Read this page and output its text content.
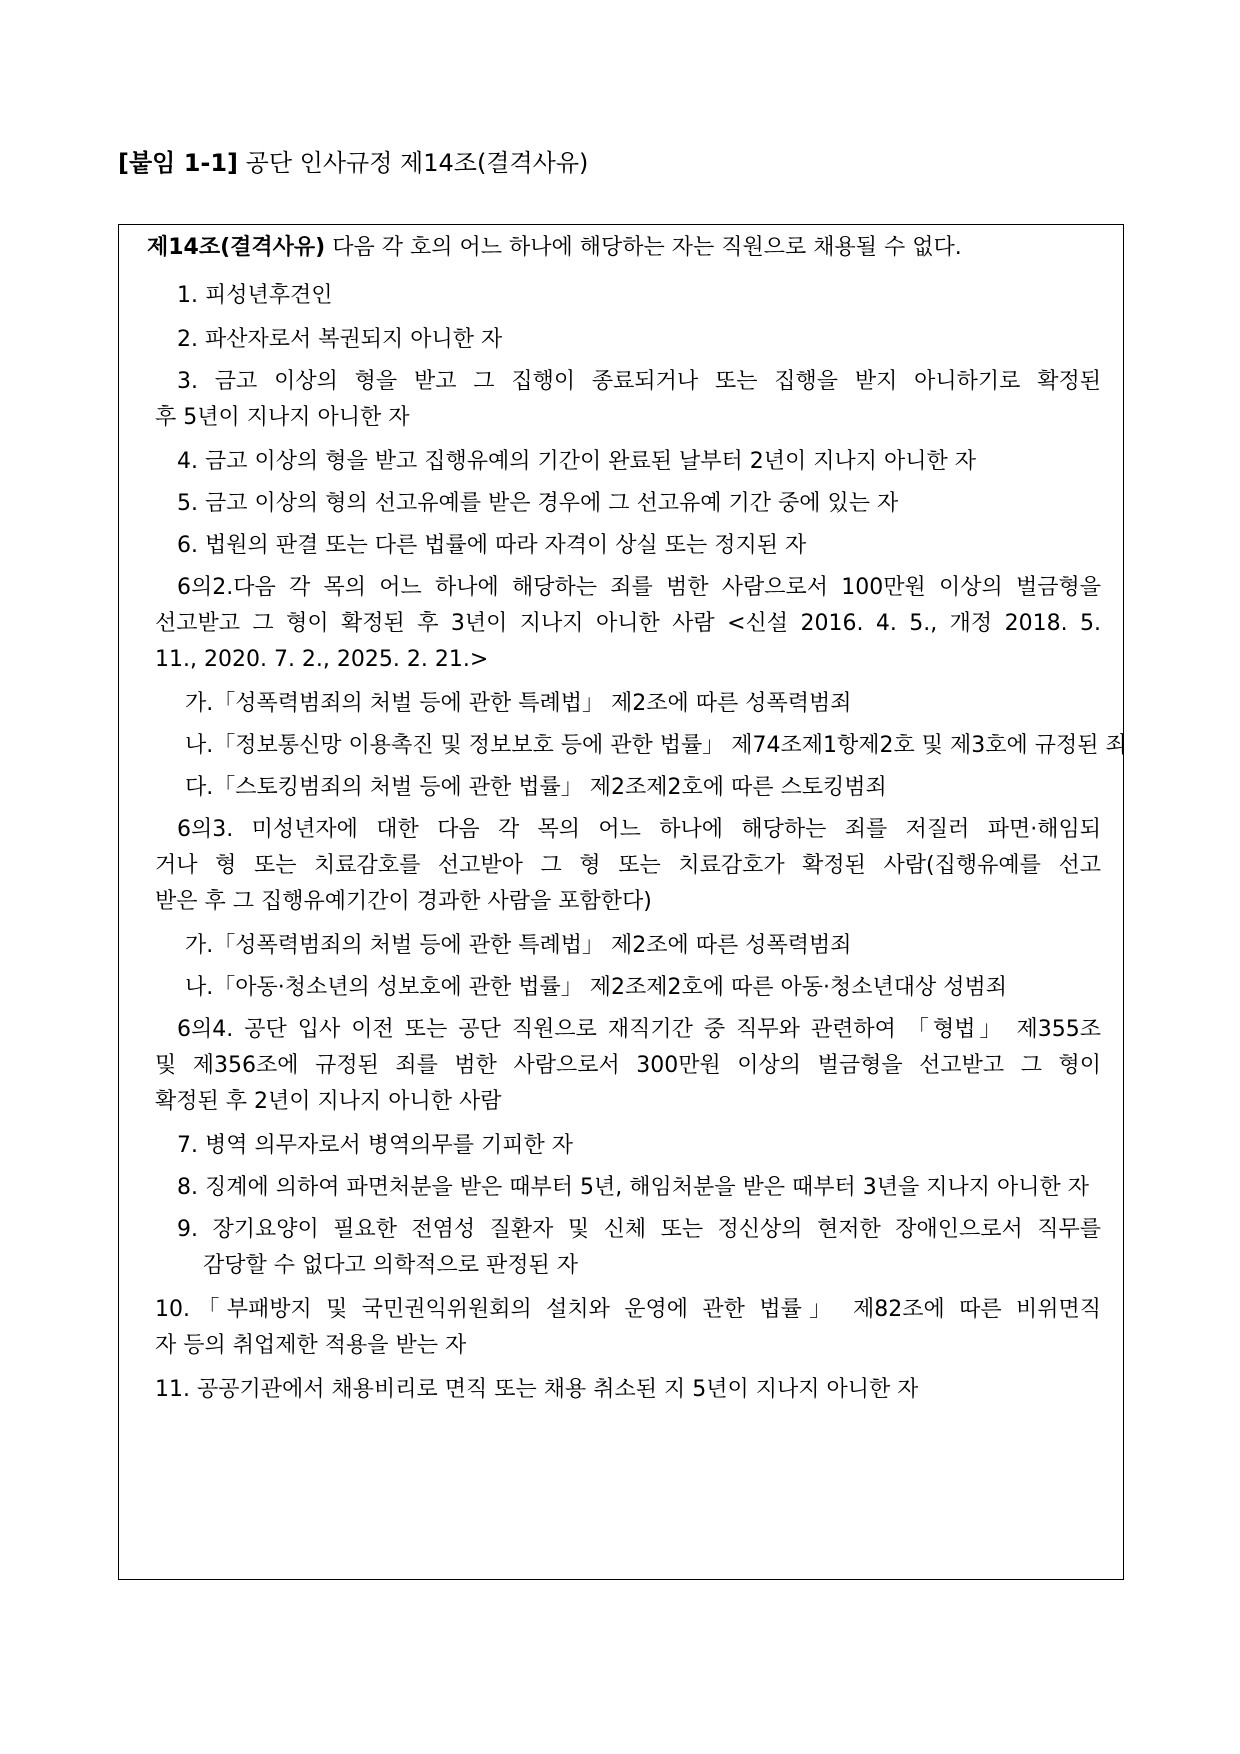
[붙임 1-1] 공단 인사규정 제14조(결격사유)
제14조(결격사유) 다음 각 호의 어느 하나에 해당하는 자는 직원으로 채용될 수 없다.
1. 피성년후견인
2. 파산자로서 복권되지 아니한 자
3. 금고 이상의 형을 받고 그 집행이 종료되거나 또는 집행을 받지 아니하기로 확정된
후 5년이 지나지 아니한 자
4. 금고 이상의 형을 받고 집행유예의 기간이 완료된 날부터 2년이 지나지 아니한 자
5. 금고 이상의 형의 선고유예를 받은 경우에 그 선고유예 기간 중에 있는 자
6. 법원의 판결 또는 다른 법률에 따라 자격이 상실 또는 정지된 자
6의2.다음 각 목의 어느 하나에 해당하는 죄를 범한 사람으로서 100만원 이상의 벌금형을
선고받고 그 형이 확정된 후 3년이 지나지 아니한 사람 <신설 2016. 4. 5., 개정 2018. 5.
11., 2020. 7. 2., 2025. 2. 21.>
가.「성폭력범죄의 처벌 등에 관한 특례법」 제2조에 따른 성폭력범죄
나.「정보통신망 이용촉진 및 정보보호 등에 관한 법률」 제74조제1항제2호 및 제3호에 규정된 죄
다.「스토킹범죄의 처벌 등에 관한 법률」 제2조제2호에 따른 스토킹범죄
6의3. 미성년자에 대한 다음 각 목의 어느 하나에 해당하는 죄를 저질러 파면·해임되
거나 형 또는 치료감호를 선고받아 그 형 또는 치료감호가 확정된 사람(집행유예를 선고
받은 후 그 집행유예기간이 경과한 사람을 포함한다)
가.「성폭력범죄의 처벌 등에 관한 특례법」 제2조에 따른 성폭력범죄
나.「아동·청소년의 성보호에 관한 법률」 제2조제2호에 따른 아동·청소년대상 성범죄
6의4. 공단 입사 이전 또는 공단 직원으로 재직기간 중 직무와 관련하여 「형법」 제355조
및 제356조에 규정된 죄를 범한 사람으로서 300만원 이상의 벌금형을 선고받고 그 형이
확정된 후 2년이 지나지 아니한 사람
7. 병역 의무자로서 병역의무를 기피한 자
8. 징계에 의하여 파면처분을 받은 때부터 5년, 해임처분을 받은 때부터 3년을 지나지 아니한 자
9. 장기요양이 필요한 전염성 질환자 및 신체 또는 정신상의 현저한 장애인으로서 직무를
감당할 수 없다고 의학적으로 판정된 자
10.「부패방지 및 국민권익위원회의 설치와 운영에 관한 법률」 제82조에 따른 비위면직
자 등의 취업제한 적용을 받는 자
11. 공공기관에서 채용비리로 면직 또는 채용 취소된 지 5년이 지나지 아니한 자
